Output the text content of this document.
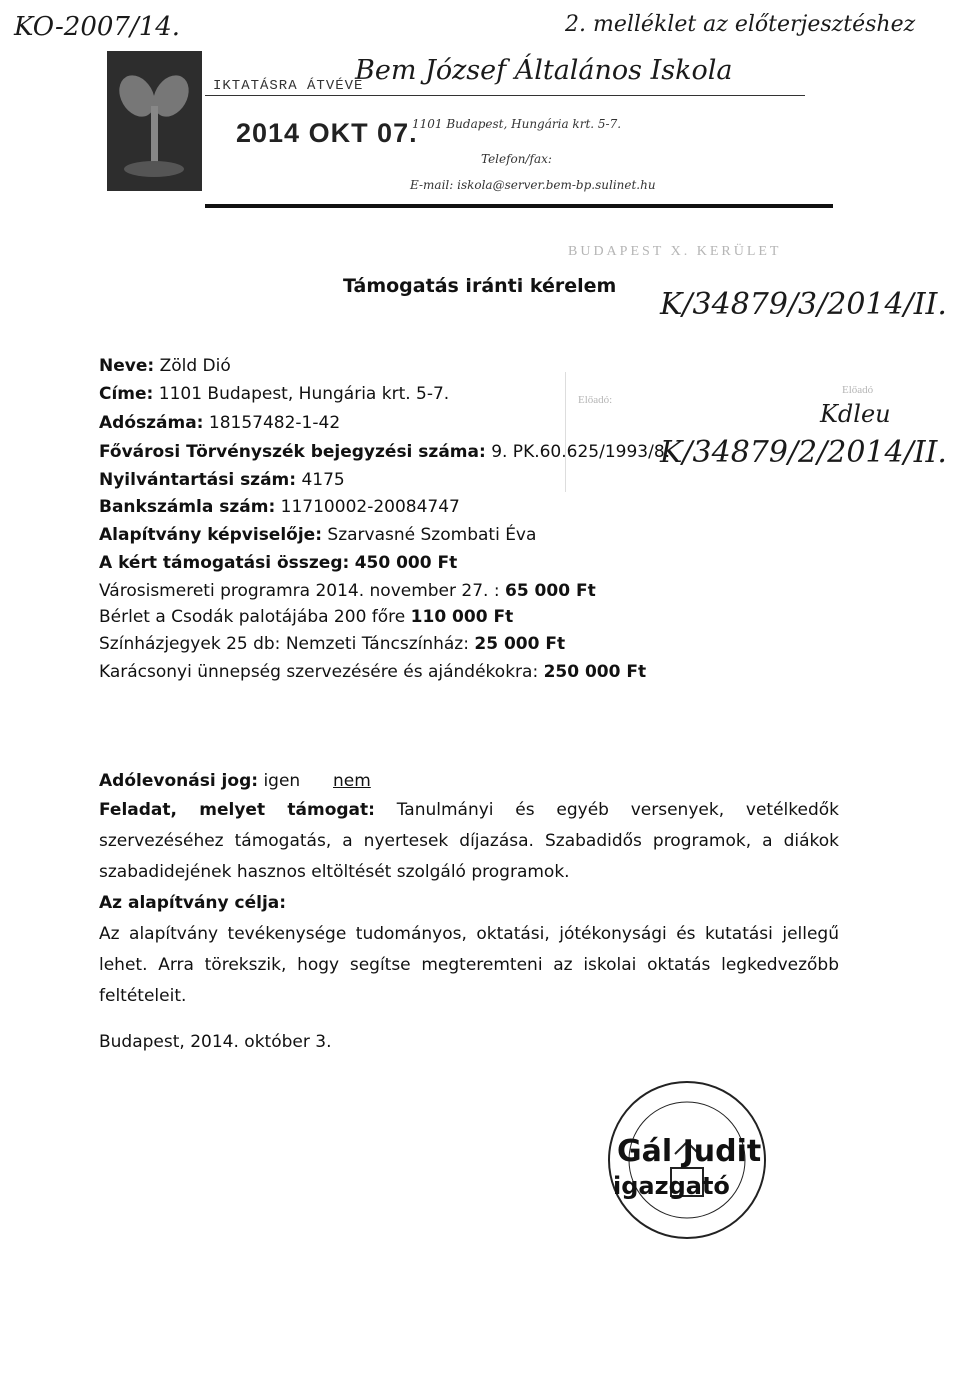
KO-2007/14.	2. melléklet az előterjesztéshez
IKTATÁSRA ÁTVÉVE
2014 OKT 07.
Bem József Általános Iskola
1101 Budapest, Hungária krt. 5-7.
Telefon/fax:
E-mail: iskola@server.bem-bp.sulinet.hu
BUDAPEST X. KERÜLET
Támogatás iránti kérelem
K/34879/3/2014/II.
Előadó:
Előadó
Neve: Zöld Dió
Címe: 1101 Budapest, Hungária krt. 5-7.
Adószáma: 18157482-1-42
Fővárosi Törvényszék bejegyzési száma: 9. PK.60.625/1993/8.
K/34879/2/2014/II.
Kdleu
Nyilvántartási szám: 4175
Bankszámla szám: 11710002-20084747
Alapítvány képviselője: Szarvasné Szombati Éva
A kért támogatási összeg: 450 000 Ft
Városismereti programra 2014. november 27. : 65 000 Ft
Bérlet a Csodák palotájába 200 főre 110 000 Ft
Színházjegyek 25 db: Nemzeti Táncszínház: 25 000 Ft
Karácsonyi ünnepség szervezésére és ajándékokra: 250 000 Ft
Adólevonási jog: igen nem

Feladat, melyet támogat: Tanulmányi és egyéb versenyek, vetélkedők szervezéséhez támogatás, a nyertesek díjazása. Szabadidős programok, a diákok szabadidejének hasznos eltöltését szolgáló programok.

Az alapítvány célja:

Az alapítvány tevékenysége tudományos, oktatási, jótékonysági és kutatási jellegű lehet. Arra törekszik, hogy segítse megteremteni az iskolai oktatás legkedvezőbb feltételeit.

Budapest, 2014. október 3.
Gál Judit
igazgató
